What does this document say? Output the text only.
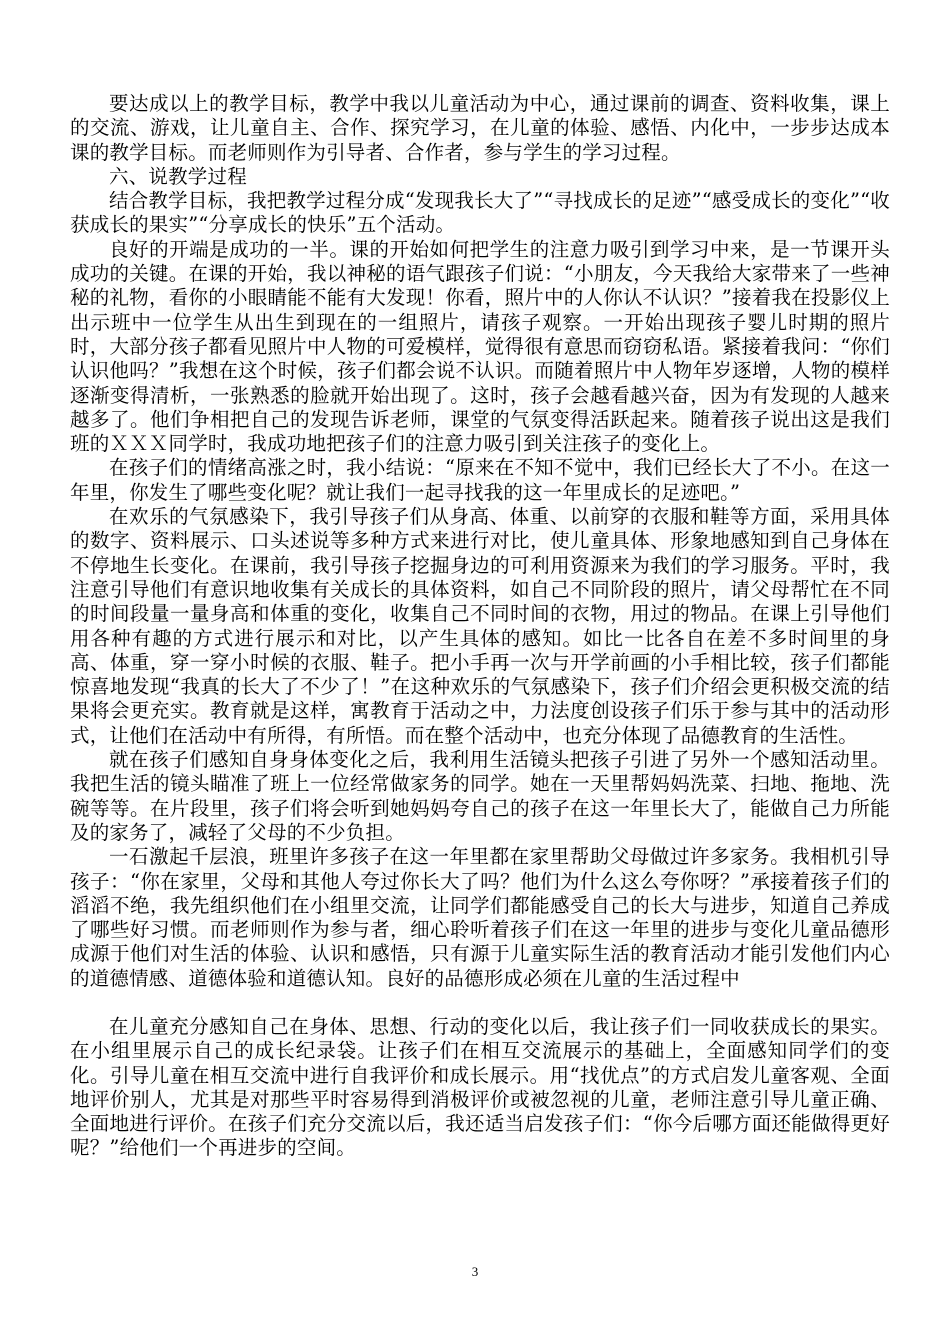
要达成以上的教学目标，教学中我以儿童活动为中心，通过课前的调查、资料收集，课上的交流、游戏，让儿童自主、合作、探究学习，在儿童的体验、感悟、内化中，一步步达成本课的教学目标。而老师则作为引导者、合作者，参与学生的学习过程。

六、说教学过程

结合教学目标，我把教学过程分成“发现我长大了”“寻找成长的足迹”“感受成长的变化”“收获成长的果实”“分享成长的快乐”五个活动。

良好的开端是成功的一半。课的开始如何把学生的注意力吸引到学习中来，是一节课开头成功的关键。在课的开始，我以神秘的语气跟孩子们说：“小朋友，今天我给大家带来了一些神秘的礼物，看你的小眼睛能不能有大发现！你看，照片中的人你认不认识？”接着我在投影仪上出示班中一位学生从出生到现在的一组照片，请孩子观察。一开始出现孩子婴儿时期的照片时，大部分孩子都看见照片中人物的可爱模样，觉得很有意思而窃窃私语。紧接着我问：“你们认识他吗？”我想在这个时候，孩子们都会说不认识。而随着照片中人物年岁逐增，人物的模样逐渐变得清析，一张熟悉的脸就开始出现了。这时，孩子会越看越兴奋，因为有发现的人越来越多了。他们争相把自己的发现告诉老师，课堂的气氛变得活跃起来。随着孩子说出这是我们班的ＸＸＸ同学时，我成功地把孩子们的注意力吸引到关注孩子的变化上。

在孩子们的情绪高涨之时，我小结说：“原来在不知不觉中，我们已经长大了不小。在这一年里，你发生了哪些变化呢？就让我们一起寻找我的这一年里成长的足迹吧。”

在欢乐的气氛感染下，我引导孩子们从身高、体重、以前穿的衣服和鞋等方面，采用具体的数字、资料展示、口头述说等多种方式来进行对比，使儿童具体、形象地感知到自己身体在不停地生长变化。在课前，我引导孩子挖掘身边的可利用资源来为我们的学习服务。平时，我注意引导他们有意识地收集有关成长的具体资料，如自己不同阶段的照片，请父母帮忙在不同的时间段量一量身高和体重的变化，收集自己不同时间的衣物，用过的物品。在课上引导他们用各种有趣的方式进行展示和对比，以产生具体的感知。如比一比各自在差不多时间里的身高、体重，穿一穿小时候的衣服、鞋子。把小手再一次与开学前画的小手相比较，孩子们都能惊喜地发现“我真的长大了不少了！”在这种欢乐的气氛感染下，孩子们介绍会更积极交流的结果将会更充实。教育就是这样，寓教育于活动之中，力法度创设孩子们乐于参与其中的活动形式，让他们在活动中有所得，有所悟。而在整个活动中，也充分体现了品德教育的生活性。

就在孩子们感知自身身体变化之后，我利用生活镜头把孩子引进了另外一个感知活动里。我把生活的镜头瞄准了班上一位经常做家务的同学。她在一天里帮妈妈洗菜、扫地、拖地、洗碗等等。在片段里，孩子们将会听到她妈妈夸自己的孩子在这一年里长大了，能做自己力所能及的家务了，减轻了父母的不少负担。

一石激起千层浪，班里许多孩子在这一年里都在家里帮助父母做过许多家务。我相机引导孩子：“你在家里，父母和其他人夸过你长大了吗？他们为什么这么夸你呀？”承接着孩子们的滔滔不绝，我先组织他们在小组里交流，让同学们都能感受自己的长大与进步，知道自己养成了哪些好习惯。而老师则作为参与者，细心聆听着孩子们在这一年里的进步与变化儿童品德形成源于他们对生活的体验、认识和感悟，只有源于儿童实际生活的教育活动才能引发他们内心的道德情感、道德体验和道德认知。良好的品德形成必须在儿童的生活过程中

在儿童充分感知自己在身体、思想、行动的变化以后，我让孩子们一同收获成长的果实。在小组里展示自己的成长纪录袋。让孩子们在相互交流展示的基础上，全面感知同学们的变化。引导儿童在相互交流中进行自我评价和成长展示。用“找优点”的方式启发儿童客观、全面地评价别人，尤其是对那些平时容易得到消极评价或被忽视的儿童，老师注意引导儿童正确、全面地进行评价。在孩子们充分交流以后，我还适当启发孩子们：“你今后哪方面还能做得更好呢？”给他们一个再进步的空间。

3
